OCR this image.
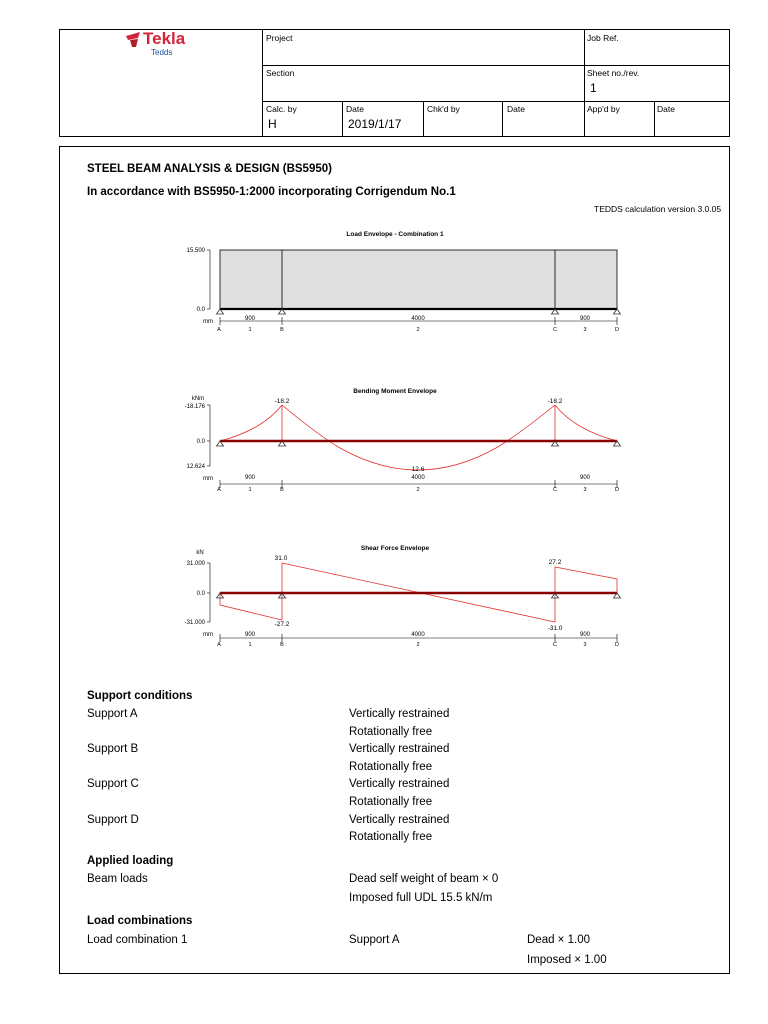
Tekla
Tedds
Project	Job Ref.
Section	Sheet no./rev.
1
Calc. by
H
Date
2019/1/17
Chk'd by	Date	App'd by	Date
STEEL BEAM ANALYSIS & DESIGN (BS5950)
In accordance with BS5950-1:2000 incorporating Corrigendum No.1
TEDDS calculation version 3.0.05
Load Envelope - Combination 1
15.500
0.0
mm	900	4000	900
A	B	C	D
1	2	3
Bending Moment Envelope
kNm
-18.176
0.0
12.624
-18.2	-18.2
12.6
mm	900	4000	900
A	B	C	D
1	2	3
Shear Force Envelope
kN
31.000
0.0
-31.000
31.0
-27.2
27.2
-31.0
mm	900	4000	900
A	B	C	D
1	2	3
Support conditions
Support A	Vertically restrained
Rotationally free
Support B	Vertically restrained
Rotationally free
Support C	Vertically restrained
Rotationally free
Support D	Vertically restrained
Rotationally free
Applied loading
Beam loads	Dead self weight of beam × 0
Imposed full UDL 15.5 kN/m
Load combinations
Load combination 1	Support A	Dead × 1.00
Imposed × 1.00
